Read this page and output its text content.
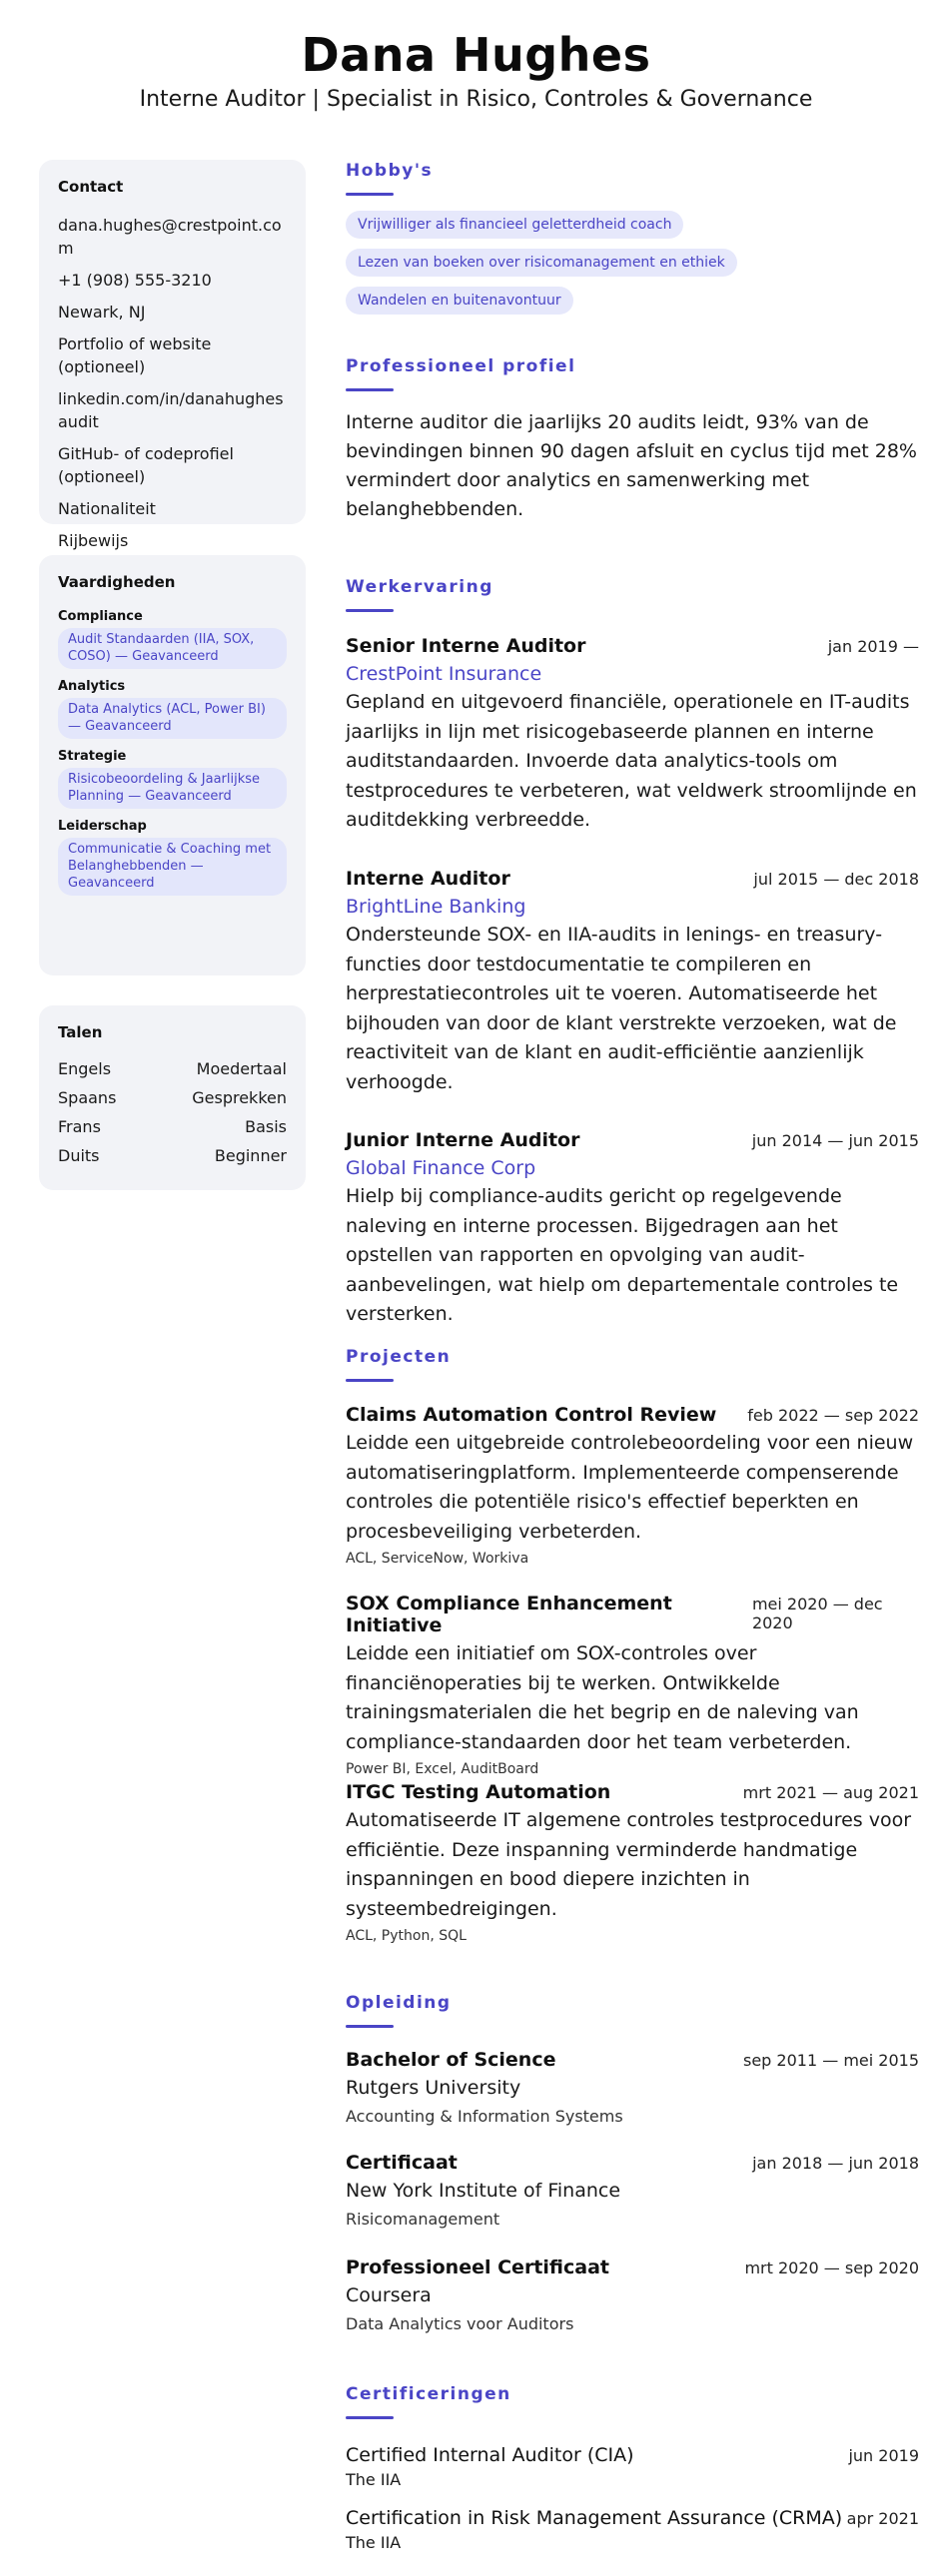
Dana Hughes
Interne Auditor | Specialist in Risico, Controles & Governance
Contact
dana.hughes@crestpoint.com
+1 (908) 555-3210
Newark, NJ
Portfolio of website (optioneel)
linkedin.com/in/danahughesaudit
GitHub- of codeprofiel (optioneel)
Nationaliteit
Rijbewijs
Vaardigheden
Compliance
Audit Standaarden (IIA, SOX, COSO) — Geavanceerd
Analytics
Data Analytics (ACL, Power BI) — Geavanceerd
Strategie
Risicobeoordeling & Jaarlijkse Planning — Geavanceerd
Leiderschap
Communicatie & Coaching met Belanghebbenden — Geavanceerd
Talen
Engels	Moedertaal
Spaans	Gesprekken
Frans	Basis
Duits	Beginner
Hobby's
Vrijwilliger als financieel geletterdheid coach
Lezen van boeken over risicomanagement en ethiek
Wandelen en buitenavontuur
Professioneel profiel
Interne auditor die jaarlijks 20 audits leidt, 93% van de bevindingen binnen 90 dagen afsluit en cyclus tijd met 28% vermindert door analytics en samenwerking met belanghebbenden.
Werkervaring
Senior Interne Auditor	jan 2019 —
CrestPoint Insurance
Gepland en uitgevoerd financiële, operationele en IT-audits jaarlijks in lijn met risicogebaseerde plannen en interne auditstandaarden. Invoerde data analytics-tools om testprocedures te verbeteren, wat veldwerk stroomlijnde en auditdekking verbreedde.
Interne Auditor	jul 2015 — dec 2018
BrightLine Banking
Ondersteunde SOX- en IIA-audits in lenings- en treasury-functies door testdocumentatie te compileren en herprestatiecontroles uit te voeren. Automatiseerde het bijhouden van door de klant verstrekte verzoeken, wat de reactiviteit van de klant en audit-efficiëntie aanzienlijk verhoogde.
Junior Interne Auditor	jun 2014 — jun 2015
Global Finance Corp
Hielp bij compliance-audits gericht op regelgevende naleving en interne processen. Bijgedragen aan het opstellen van rapporten en opvolging van audit-aanbevelingen, wat hielp om departementale controles te versterken.
Projecten
Claims Automation Control Review feb 2022 — sep 2022
Leidde een uitgebreide controlebeoordeling voor een nieuw automatiseringplatform. Implementeerde compenserende controles die potentiële risico's effectief beperkten en procesbeveiliging verbeterden.
ACL, ServiceNow, Workiva
SOX Compliance Enhancement Initiative
mei 2020 — dec 2020
Leidde een initiatief om SOX-controles over financiënoperaties bij te werken. Ontwikkelde trainingsmaterialen die het begrip en de naleving van compliance-standaarden door het team verbeterden.
Power BI, Excel, AuditBoard
ITGC Testing Automation	mrt 2021 — aug 2021
Automatiseerde IT algemene controles testprocedures voor efficiëntie. Deze inspanning verminderde handmatige inspanningen en bood diepere inzichten in systeembedreigingen.
ACL, Python, SQL
Opleiding
Bachelor of Science	sep 2011 — mei 2015
Rutgers University
Accounting & Information Systems
Certificaat	jan 2018 — jun 2018
New York Institute of Finance
Risicomanagement
Professioneel Certificaat	mrt 2020 — sep 2020
Coursera
Data Analytics voor Auditors
Certificeringen
Certified Internal Auditor (CIA)	jun 2019
The IIA
Certification in Risk Management Assurance (CRMA) apr 2021
The IIA
